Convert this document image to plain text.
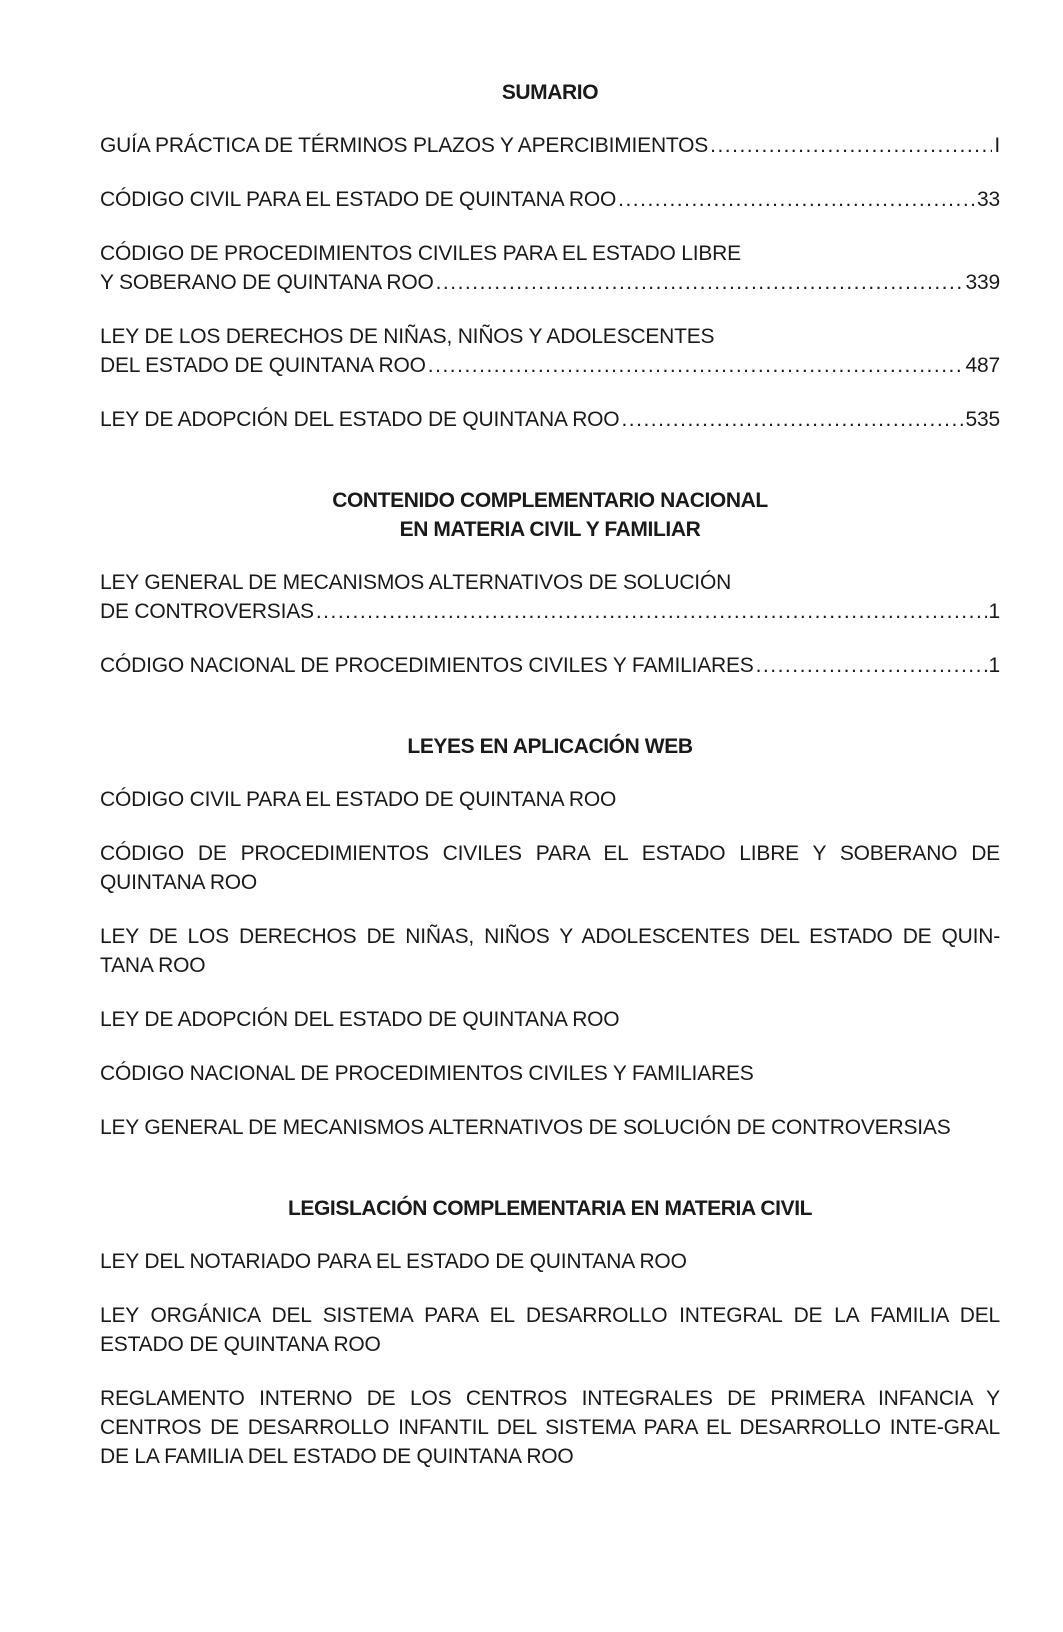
SUMARIO

GUÍA PRÁCTICA DE TÉRMINOS PLAZOS Y APERCIBIMIENTOS .....	I
CÓDIGO CIVIL PARA EL ESTADO DE QUINTANA ROO .....	33
CÓDIGO DE PROCEDIMIENTOS CIVILES PARA EL ESTADO LIBRE
Y SOBERANO DE QUINTANA ROO .....	339
LEY DE LOS DERECHOS DE NIÑAS, NIÑOS Y ADOLESCENTES
DEL ESTADO DE QUINTANA ROO .....	487
LEY DE ADOPCIÓN DEL ESTADO DE QUINTANA ROO .....	535

CONTENIDO COMPLEMENTARIO NACIONAL

EN MATERIA CIVIL Y FAMILIAR

LEY GENERAL DE MECANISMOS ALTERNATIVOS DE SOLUCIÓN
DE CONTROVERSIAS .....	1
CÓDIGO NACIONAL DE PROCEDIMIENTOS CIVILES Y FAMILIARES .....	1

LEYES EN APLICACIÓN WEB

CÓDIGO CIVIL PARA EL ESTADO DE QUINTANA ROO

CÓDIGO DE PROCEDIMIENTOS CIVILES PARA EL ESTADO LIBRE Y SOBERANO DE QUINTANA ROO

LEY DE LOS DERECHOS DE NIÑAS, NIÑOS Y ADOLESCENTES DEL ESTADO DE QUIN-TANA ROO

LEY DE ADOPCIÓN DEL ESTADO DE QUINTANA ROO

CÓDIGO NACIONAL DE PROCEDIMIENTOS CIVILES Y FAMILIARES

LEY GENERAL DE MECANISMOS ALTERNATIVOS DE SOLUCIÓN DE CONTROVERSIAS

LEGISLACIÓN COMPLEMENTARIA EN MATERIA CIVIL

LEY DEL NOTARIADO PARA EL ESTADO DE QUINTANA ROO

LEY ORGÁNICA DEL SISTEMA PARA EL DESARROLLO INTEGRAL DE LA FAMILIA DEL ESTADO DE QUINTANA ROO

REGLAMENTO INTERNO DE LOS CENTROS INTEGRALES DE PRIMERA INFANCIA Y CENTROS DE DESARROLLO INFANTIL DEL SISTEMA PARA EL DESARROLLO INTE-GRAL DE LA FAMILIA DEL ESTADO DE QUINTANA ROO
